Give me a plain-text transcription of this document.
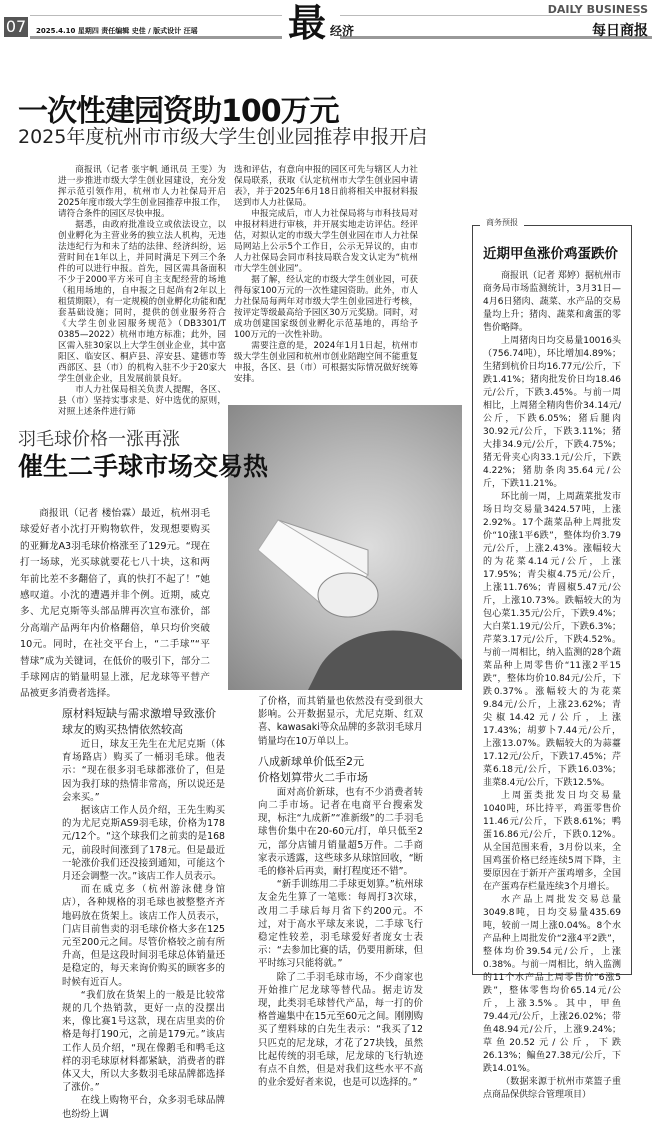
07 2025.4.10 星期四 责任编辑 史佳 / 版式设计 汪瑶 最 经济
DAILY BUSINESS
每日商报
一次性建园资助100万元
2025年度杭州市市级大学生创业园推荐申报开启

商报讯（记者 张宇帆 通讯员 王雯）为进一步推进市级大学生创业园建设，充分发挥示范引领作用，杭州市人力社保局开启2025年度市级大学生创业园推荐申报工作，请符合条件的园区尽快申报。

据悉，由政府批准设立或依法设立，以创业孵化为主营业务的独立法人机构，无违法违纪行为和未了结的法律、经济纠纷，运营时间在1年以上，并同时满足下列三个条件的可以进行申报。首先，园区需具备面积不少于2000平方米可自主支配经营的场地（租用场地的，自申报之日起尚有2年以上租赁期限），有一定规模的创业孵化功能和配套基础设施；同时，提供的创业服务符合《大学生创业园服务规范》（DB3301/T 0385—2022）杭州市地方标准；此外，园区需入驻30家以上大学生创业企业，其中富阳区、临安区、桐庐县、淳安县、建德市等西部区、县（市）的机构入驻不少于20家大学生创业企业，且发展前景良好。

市人力社保局相关负责人提醒，各区、县（市）坚持实事求是、好中选优的原则，对照上述条件进行筛

选和评估，有意向申报的园区可先与辖区人力社保局联系，获取《认定杭州市大学生创业园申请表》，并于2025年6月18日前将相关申报材料报送到市人力社保局。

申报完成后，市人力社保局将与市科技局对申报材料进行审核，并开展实地走访评估。经评估，对拟认定的市级大学生创业园在市人力社保局网站上公示5个工作日，公示无异议的，由市人力社保局会同市科技局联合发文认定为“杭州市大学生创业园”。

据了解，经认定的市级大学生创业园，可获得每家100万元的一次性建园资助。此外，市人力社保局每两年对市级大学生创业园进行考核，按评定等级最高给予园区30万元奖励。同时，对成功创建国家级创业孵化示范基地的，再给予100万元的一次性补助。

需要注意的是，2024年1月1日起，杭州市级大学生创业园和杭州市创业陪跑空间不能重复申报，各区、县（市）可根据实际情况做好统筹安排。

羽毛球价格一涨再涨
催生二手球市场交易热

商报讯（记者 楼怡霖）最近，杭州羽毛球爱好者小沈打开购物软件，发现想要购买的亚狮龙A3羽毛球价格涨至了129元。“现在打一场球，光买球就要花七八十块，这和两年前比差不多翻倍了，真的快打不起了！”她感叹道。小沈的遭遇并非个例。近期，威克多、尤尼克斯等头部品牌再次宣布涨价，部分高端产品两年内价格翻倍，单只均价突破10元。同时，在社交平台上，“二手球”“平替球”成为关键词，在低价的吸引下，部分二手球网店的销量明显上涨，尼龙球等平替产品被更多消费者选择。

原材料短缺与需求激增导致涨价
球友的购买热情依然较高

近日，球友王先生在尤尼克斯（体育场路店）购买了一桶羽毛球。他表示：“现在很多羽毛球都涨价了，但是因为我打球的热情非常高，所以说还是会来买。”

据该店工作人员介绍，王先生购买的为尤尼克斯AS9羽毛球，价格为178元/12个。“这个球我们之前卖的是168元，前段时间涨到了178元。但是最近一轮涨价我们还没接到通知，可能这个月还会调整一次。”该店工作人员表示。

而在威克多（杭州游泳健身馆店），各种规格的羽毛球也被整整齐齐地码放在货架上。该店工作人员表示，门店目前售卖的羽毛球价格大多在125元至200元之间。尽管价格较之前有所升高，但是这段时间羽毛球总体销量还是稳定的，每天来询价购买的顾客多的时候有近百人。

“我们放在货架上的一般是比较常规的几个热销款，更好一点的没摆出来，像比赛1号这款，现在店里卖的价格是每打190元，之前是179元。”该店工作人员介绍，“现在像鹅毛和鸭毛这样的羽毛球原材料都紧缺，消费者的群体又大，所以大多数羽毛球品牌都选择了涨价。”

在线上购物平台，众多羽毛球品牌也纷纷上调

了价格，而其销量也依然没有受到很大影响。公开数据显示，尤尼克斯、红双喜、kawasaki等众品牌的多款羽毛球月销量均在10万单以上。

八成新球单价低至2元
价格划算带火二手市场

面对高价新球，也有不少消费者转向二手市场。记者在电商平台搜索发现，标注“九成新”“准新级”的二手羽毛球售价集中在20-60元/打，单只低至2元，部分店铺月销量超5万件。二手商家表示透露，这些球多从球馆回收，“断毛的修补后再卖，耐打程度还不错”。

“新手训练用二手球更划算。”杭州球友金先生算了一笔账：每周打3次球，改用二手球后每月省下约200元。不过，对于高水平球友来说，二手球飞行稳定性较差，羽毛球爱好者庞女士表示：“去参加比赛的话，仍要用新球，但平时练习只能将就。”

除了二手羽毛球市场，不少商家也开始推广尼龙球等替代品。据走访发现，此类羽毛球替代产品，每一打的价格普遍集中在15元至60元之间。刚刚购买了塑料球的白先生表示：“我买了12只匹克的尼龙球，才花了27块钱，虽然比起传统的羽毛球，尼龙球的飞行轨迹有点不自然，但是对我们这些水平不高的业余爱好者来说，也是可以选择的。”

近期甲鱼涨价鸡蛋跌价

商报讯（记者 郑婷）据杭州市商务局市场监测统计，3月31日—4月6日猪肉、蔬菜、水产品的交易量均上升；猪肉、蔬菜和禽蛋的零售价略降。

上周猪肉日均交易量10016头（756.74吨），环比增加4.89%；生猪到杭价日均16.77元/公斤，下跌1.41%；猪肉批发价日均18.46元/公斤，下跌3.45%。与前一周相比，上周猪全精肉售价34.14元/公斤，下跌6.05%；猪后腿肉30.92元/公斤，下跌3.11%；猪大排34.9元/公斤，下跌4.75%；猪无骨夹心肉33.1元/公斤，下跌4.22%；猪肋条肉35.64元/公斤，下跌11.21%。

环比前一周，上周蔬菜批发市场日均交易量3424.57吨，上涨2.92%。17个蔬菜品种上周批发价“10涨1平6跌”，整体均价3.79元/公斤，上涨2.43%。涨幅较大的为花菜4.14元/公斤，上涨17.95%；青尖椒4.75元/公斤，上涨11.76%；青圆椒5.47元/公斤，上涨10.73%。跌幅较大的为包心菜1.35元/公斤，下跌9.4%；大白菜1.19元/公斤，下跌6.3%；芹菜3.17元/公斤，下跌4.52%。与前一周相比，纳入监测的28个蔬菜品种上周零售价“11涨2平15跌”，整体均价10.84元/公斤，下跌0.37%。涨幅较大的为花菜9.84元/公斤，上涨23.62%；青尖椒14.42元/公斤，上涨17.43%；胡萝卜7.44元/公斤，上涨13.07%。跌幅较大的为蒜薹17.12元/公斤，下跌17.45%；芹菜6.18元/公斤，下跌16.03%；韭菜8.4元/公斤，下跌12.5%。

上周蛋类批发日均交易量1040吨，环比持平，鸡蛋零售价11.46元/公斤，下跌8.61%；鸭蛋16.86元/公斤，下跌0.12%。从全国范围来看，3月份以来，全国鸡蛋价格已经连续5周下降，主要原因在于新开产蛋鸡增多，全国在产蛋鸡存栏量连续3个月增长。

水产品上周批发交易总量3049.8吨，日均交易量435.69吨，较前一周上涨0.04%。8个水产品种上周批发价“2涨4平2跌”，整体均价39.54元/公斤，上涨0.38%。与前一周相比，纳入监测的11个水产品上周零售价“6涨5跌”，整体零售均价65.14元/公斤，上涨3.5%。其中，甲鱼79.44元/公斤，上涨26.02%；带鱼48.94元/公斤，上涨9.24%；草鱼20.52元/公斤，下跌26.13%；鳊鱼27.38元/公斤，下跌14.01%。

（数据来源于杭州市菜篮子重点商品保供综合管理项目）

商务预报
